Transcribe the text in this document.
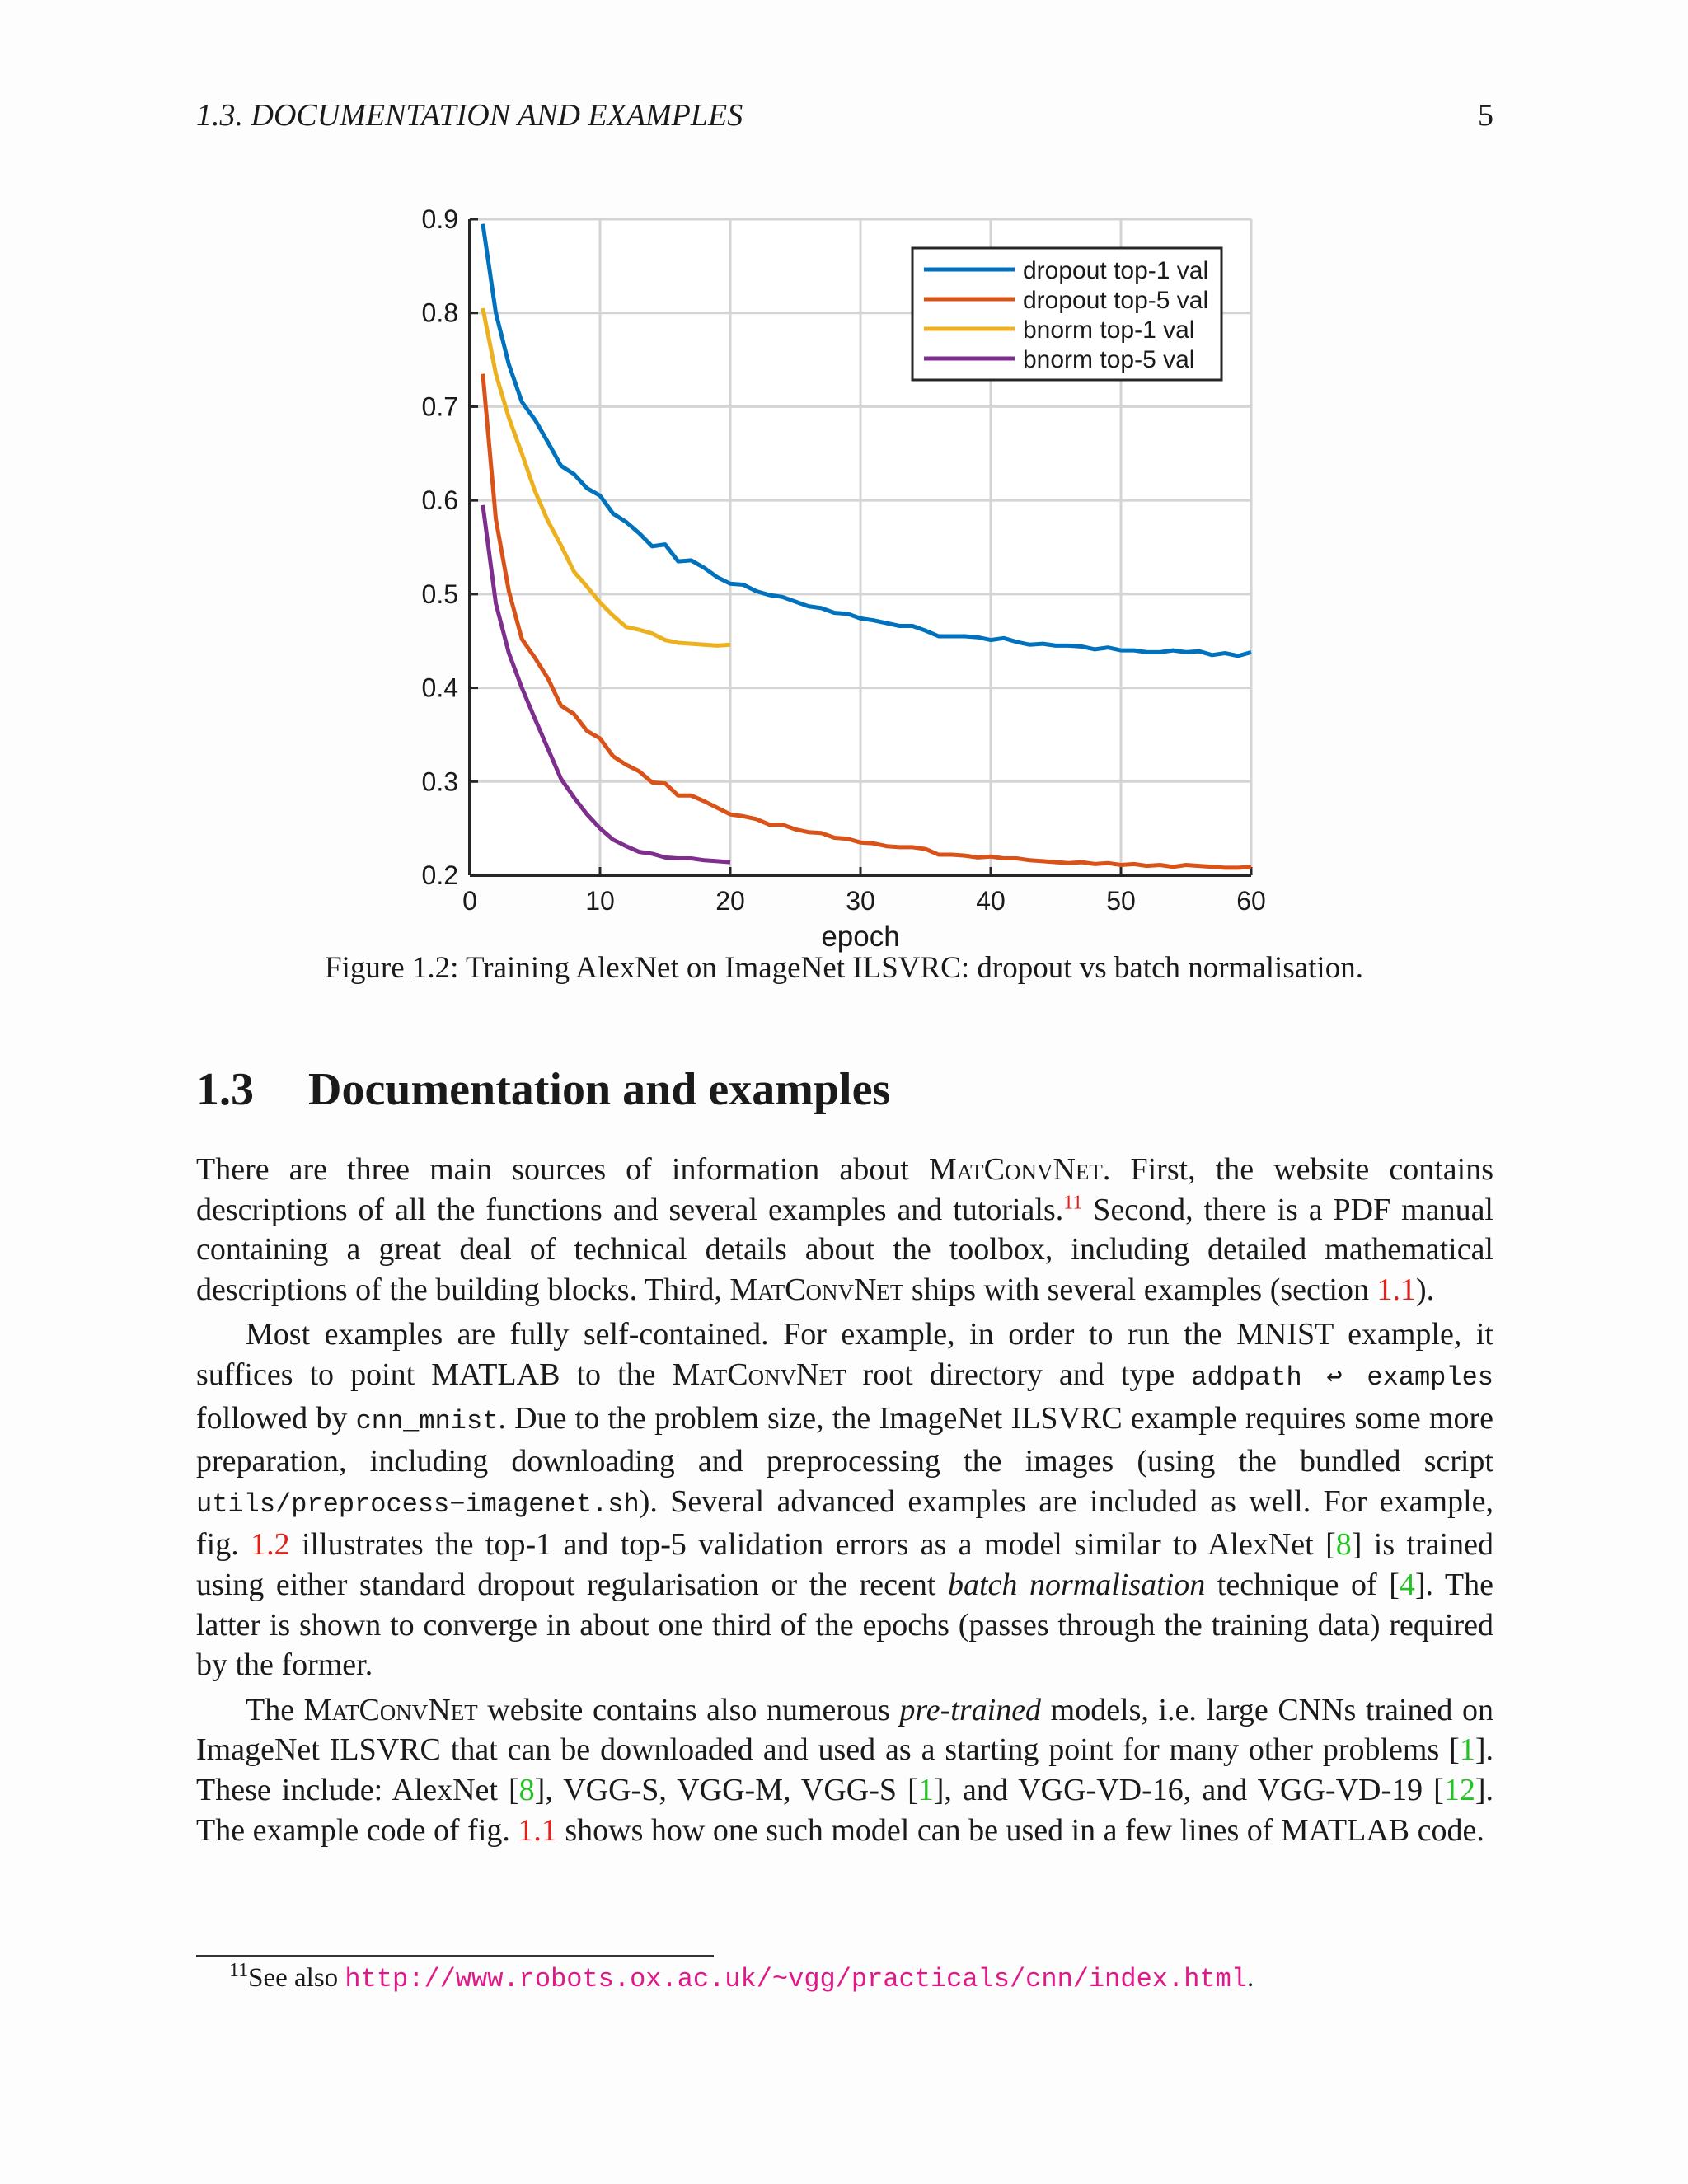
1.3. DOCUMENTATION AND EXAMPLES	5
0	10	20	30	40	50	60
0.2
0.3
0.4
0.5
0.6
0.7
0.8
0.9
epoch
dropout top-1 val
dropout top-5 val
bnorm top-1 val
bnorm top-5 val
Figure 1.2: Training AlexNet on ImageNet ILSVRC: dropout vs batch normalisation.
1.3 Documentation and examples

There are three main sources of information about MatConvNet. First, the website contains descriptions of all the functions and several examples and tutorials.$^{11}$ Second, there is a PDF manual containing a great deal of technical details about the toolbox, including detailed mathematical descriptions of the building blocks. Third, MatConvNet ships with several examples (section 1.1).

Most examples are fully self-contained. For example, in order to run the MNIST example, it suffices to point MATLAB to the MatConvNet root directory and type addpath ↩ examples followed by cnn_mnist. Due to the problem size, the ImageNet ILSVRC example requires some more preparation, including downloading and preprocessing the images (using the bundled script utils/preprocess−imagenet.sh). Several advanced examples are included as well. For example, fig. 1.2 illustrates the top-1 and top-5 validation errors as a model similar to AlexNet [8] is trained using either standard dropout regularisation or the recent batch normalisation technique of [4]. The latter is shown to converge in about one third of the epochs (passes through the training data) required by the former.

The MatConvNet website contains also numerous pre-trained models, i.e. large CNNs trained on ImageNet ILSVRC that can be downloaded and used as a starting point for many other problems [1]. These include: AlexNet [8], VGG-S, VGG-M, VGG-S [1], and VGG-VD-16, and VGG-VD-19 [12]. The example code of fig. 1.1 shows how one such model can be used in a few lines of MATLAB code.

$^{11}$See also http://www.robots.ox.ac.uk/~vgg/practicals/cnn/index.html.
